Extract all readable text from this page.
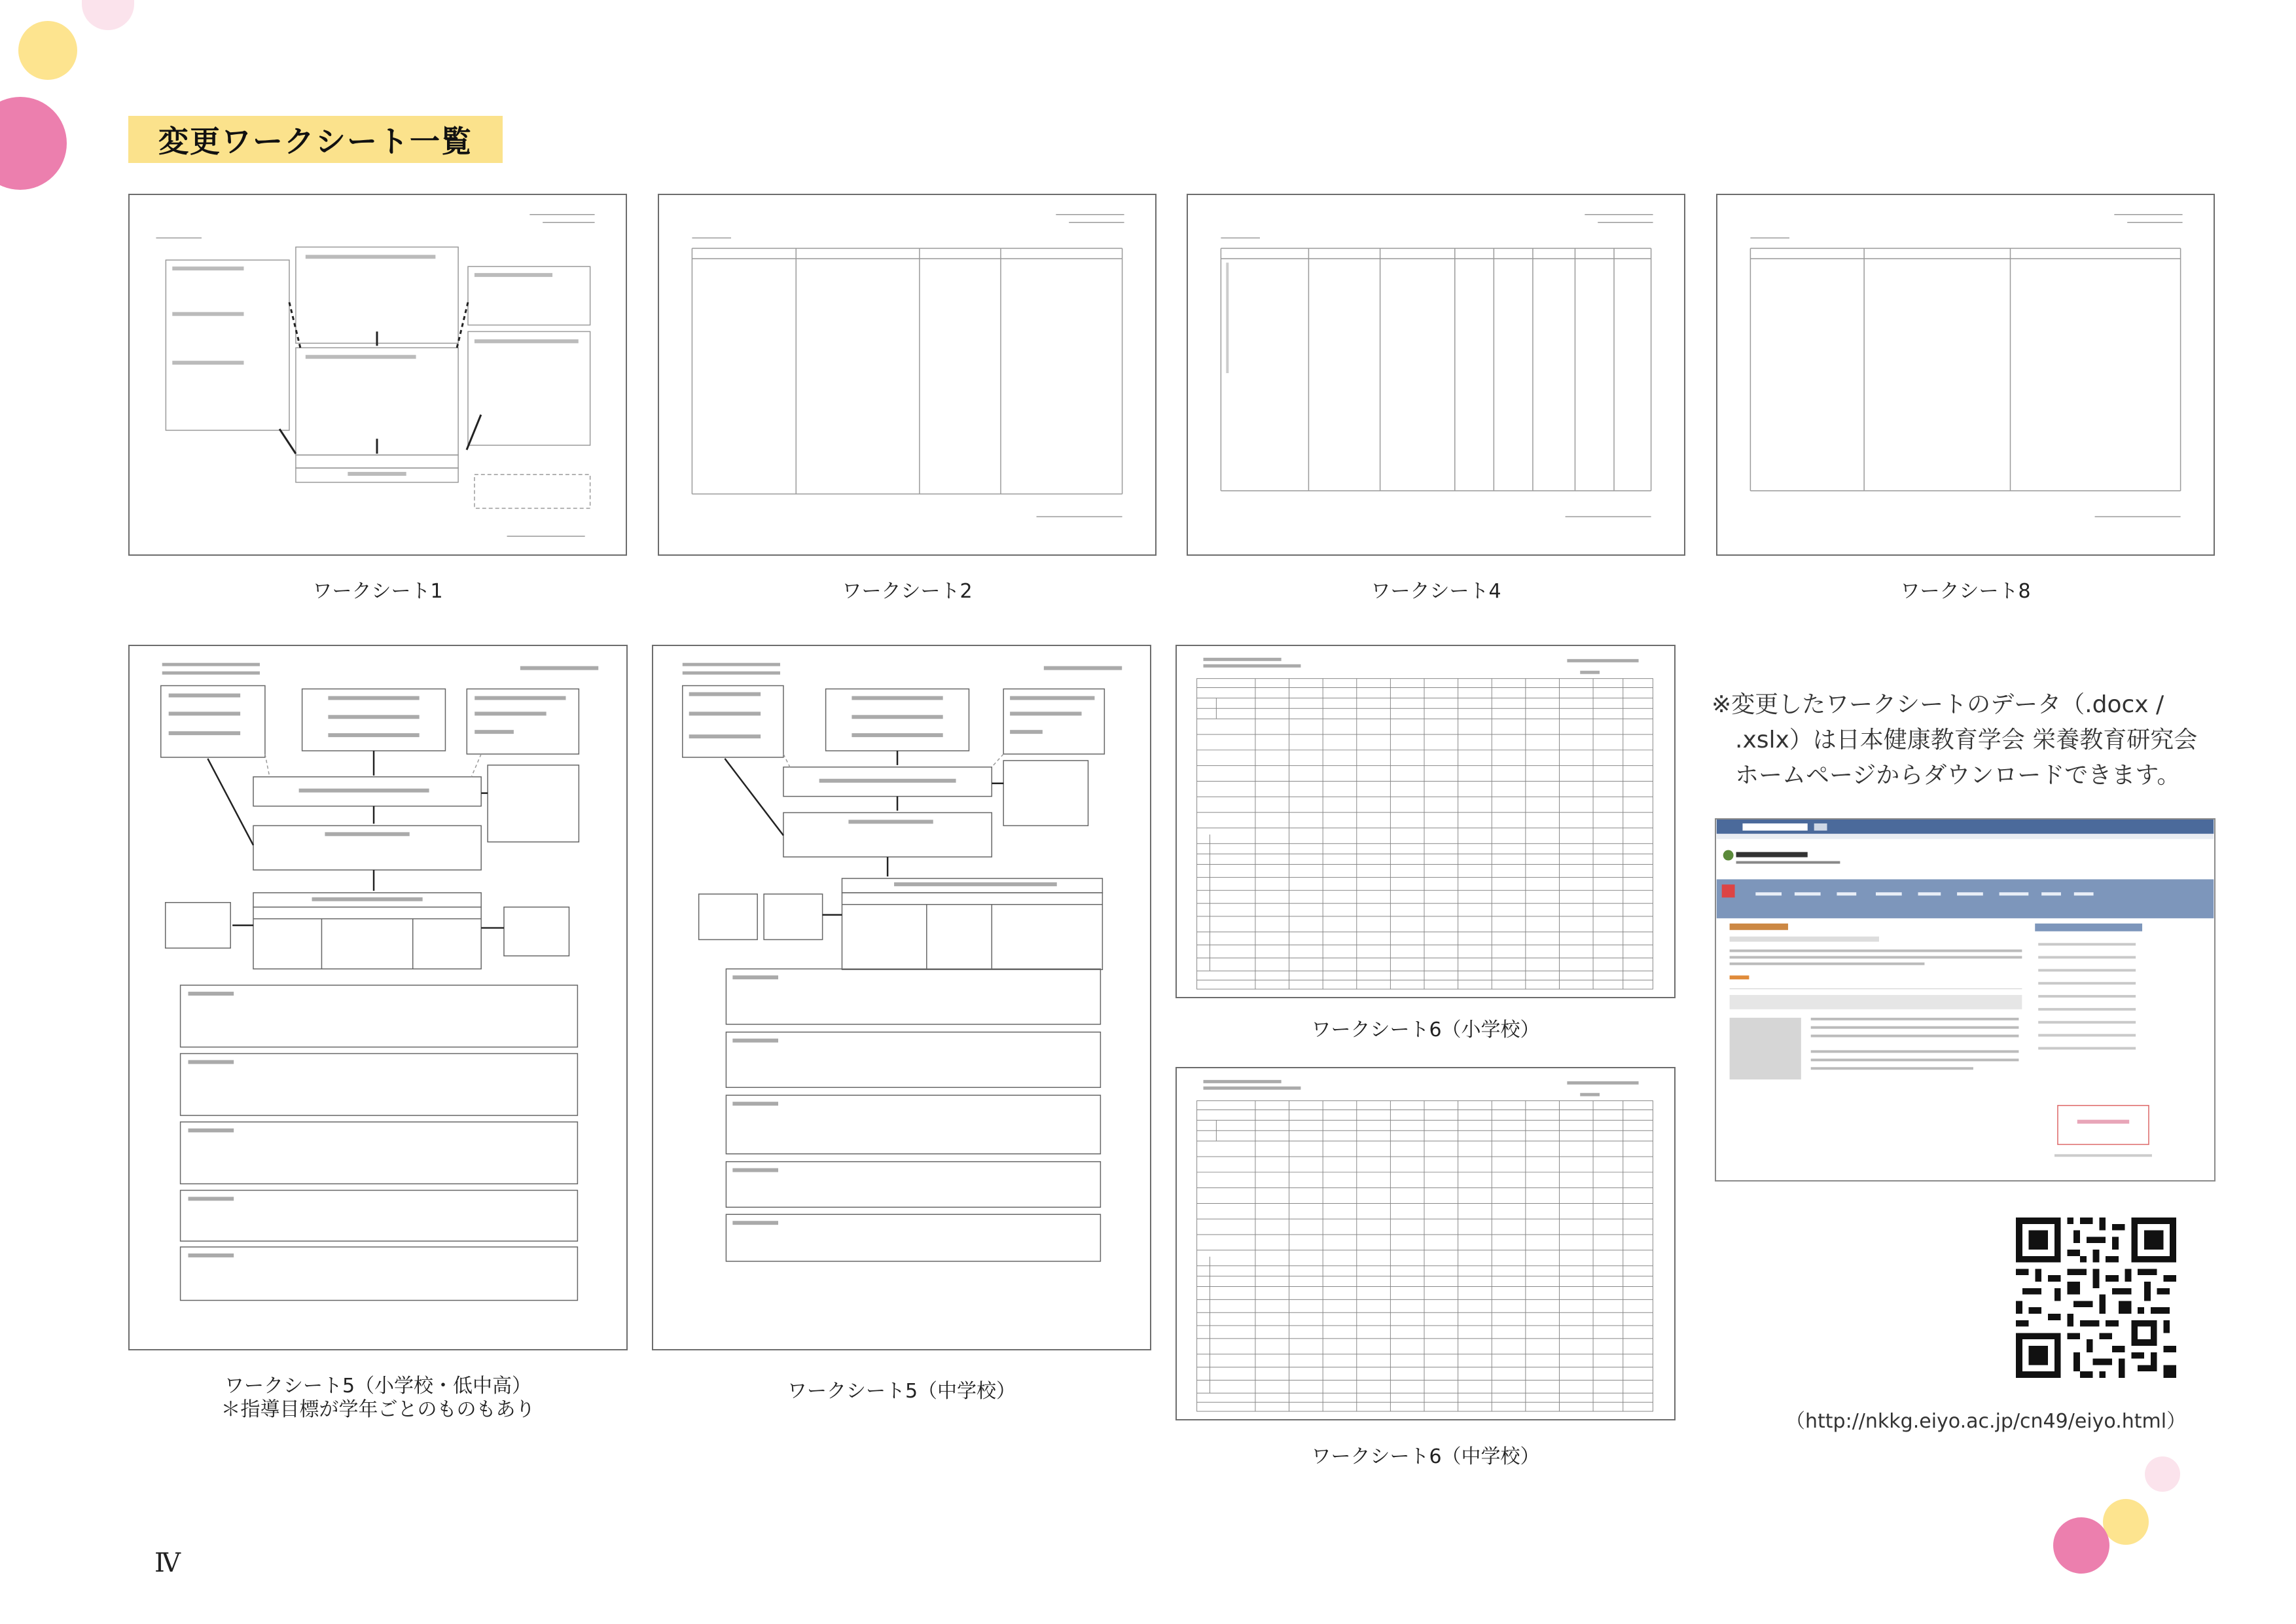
変更ワークシート一覧
ワークシート1	ワークシート2	ワークシート4	ワークシート8
ワークシート5（小学校・低中高）
＊指導目標が学年ごとのものもあり
ワークシート5（中学校）
ワークシート6（小学校）
ワークシート6（中学校）
※変更したワークシートのデータ（.docx /
　.xslx）は日本健康教育学会 栄養教育研究会
　ホームページからダウンロードできます。
（http://nkkg.eiyo.ac.jp/cn49/eiyo.html）
Ⅳ
